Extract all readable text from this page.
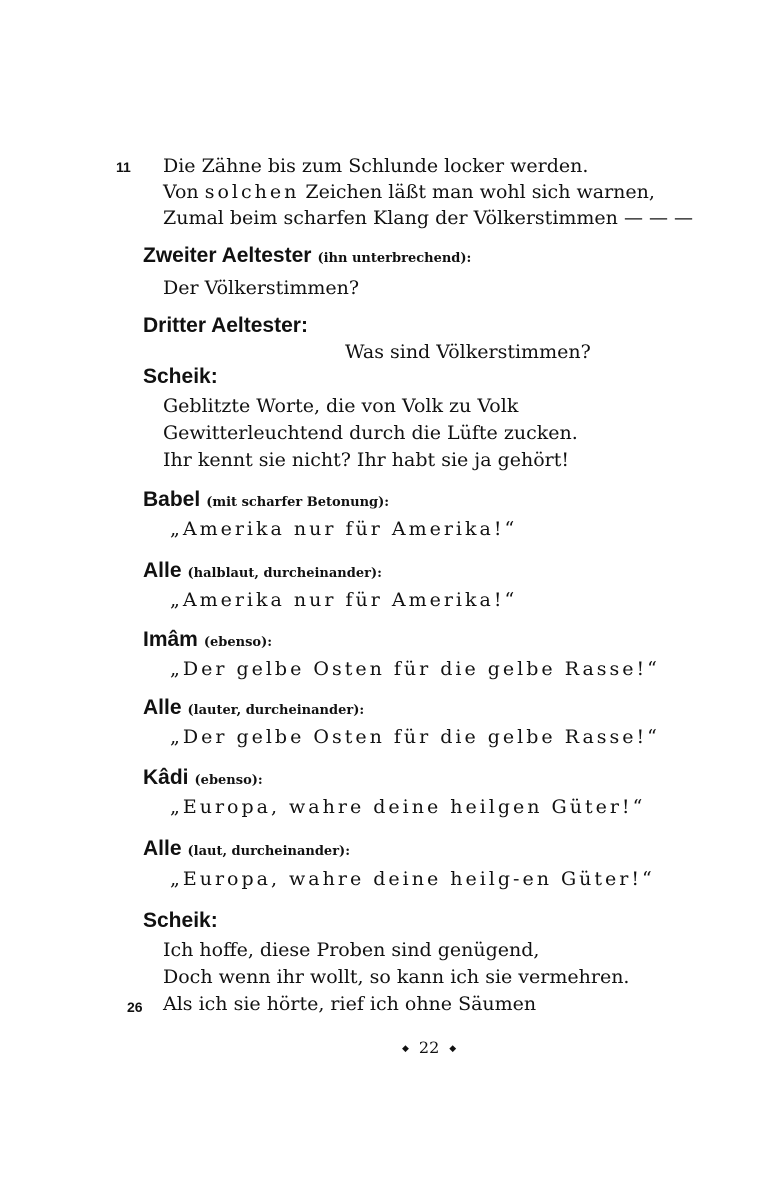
11 Die Zähne bis zum Schlunde locker werden.
Von solchen Zeichen läßt man wohl sich warnen,
Zumal beim scharfen Klang der Völkerstimmen — — —
Zweiter Aeltester (ihn unterbrechend):
Der Völkerstimmen?
Dritter Aeltester:
Was sind Völkerstimmen?
Scheik:
Geblitzte Worte, die von Volk zu Volk
Gewitterleuchtend durch die Lüfte zucken.
Ihr kennt sie nicht? Ihr habt sie ja gehört!
Babel (mit scharfer Betonung):
„Amerika nur für Amerika!“
Alle (halblaut, durcheinander):
„Amerika nur für Amerika!“
Imâm (ebenso):
„Der gelbe Osten für die gelbe Rasse!“
Alle (lauter, durcheinander):
„Der gelbe Osten für die gelbe Rasse!“
Kâdi (ebenso):
„Europa, wahre deine heilgen Güter!“
Alle (laut, durcheinander):
„Europa, wahre deine heilg-en Güter!“
Scheik:
Ich hoffe, diese Proben sind genügend,
Doch wenn ihr wollt, so kann ich sie vermehren.
26 Als ich sie hörte, rief ich ohne Säumen
◆ 22 ◆
